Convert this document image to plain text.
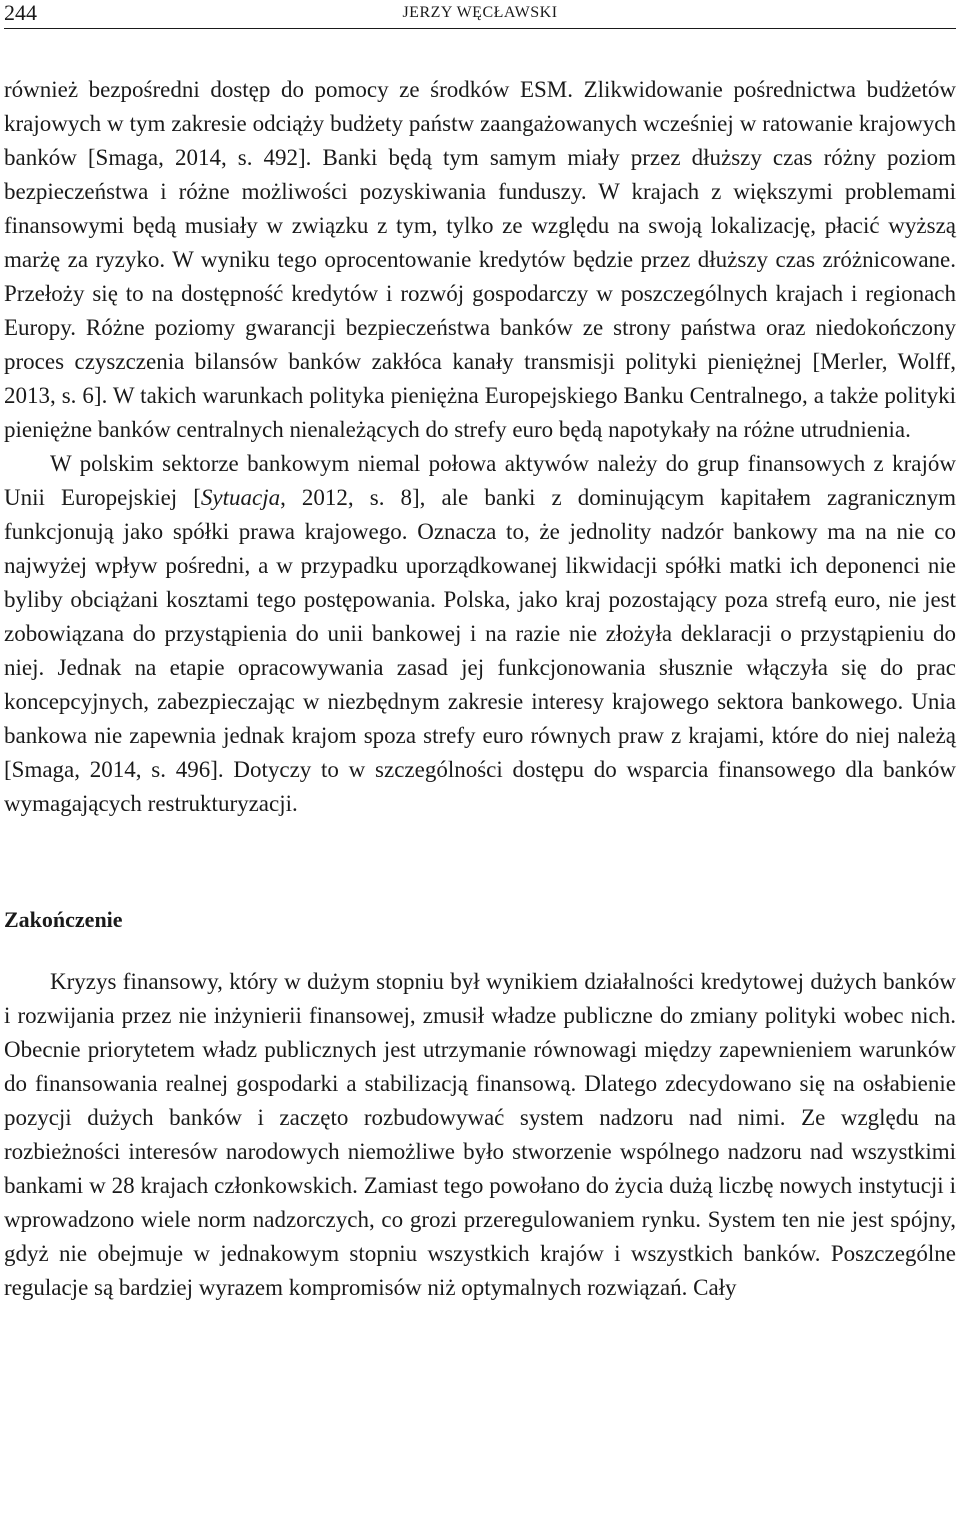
244	JERZY WĘCŁAWSKI

również bezpośredni dostęp do pomocy ze środków ESM. Zlikwidowanie pośrednictwa budżetów krajowych w tym zakresie odciąży budżety państw zaangażowanych wcześniej w ratowanie krajowych banków [Smaga, 2014, s. 492]. Banki będą tym samym miały przez dłuższy czas różny poziom bezpieczeństwa i różne możliwości pozyskiwania funduszy. W krajach z większymi problemami finansowymi będą musiały w związku z tym, tylko ze względu na swoją lokalizację, płacić wyższą marżę za ryzyko. W wyniku tego oprocentowanie kredytów będzie przez dłuższy czas zróżnicowane. Przełoży się to na dostępność kredytów i rozwój gospodarczy w poszczególnych krajach i regionach Europy. Różne poziomy gwarancji bezpieczeństwa banków ze strony państwa oraz niedokończony proces czyszczenia bilansów banków zakłóca kanały transmisji polityki pieniężnej [Merler, Wolff, 2013, s. 6]. W takich warunkach polityka pieniężna Europejskiego Banku Centralnego, a także polityki pieniężne banków centralnych nienależących do strefy euro będą napotykały na różne utrudnienia.

W polskim sektorze bankowym niemal połowa aktywów należy do grup finansowych z krajów Unii Europejskiej [Sytuacja, 2012, s. 8], ale banki z dominującym kapitałem zagranicznym funkcjonują jako spółki prawa krajowego. Oznacza to, że jednolity nadzór bankowy ma na nie co najwyżej wpływ pośredni, a w przypadku uporządkowanej likwidacji spółki matki ich deponenci nie byliby obciążani kosztami tego postępowania. Polska, jako kraj pozostający poza strefą euro, nie jest zobowiązana do przystąpienia do unii bankowej i na razie nie złożyła deklaracji o przystąpieniu do niej. Jednak na etapie opracowywania zasad jej funkcjonowania słusznie włączyła się do prac koncepcyjnych, zabezpieczając w niezbędnym zakresie interesy krajowego sektora bankowego. Unia bankowa nie zapewnia jednak krajom spoza strefy euro równych praw z krajami, które do niej należą [Smaga, 2014, s. 496]. Dotyczy to w szczególności dostępu do wsparcia finansowego dla banków wymagających restrukturyzacji.

Zakończenie

Kryzys finansowy, który w dużym stopniu był wynikiem działalności kredytowej dużych banków i rozwijania przez nie inżynierii finansowej, zmusił władze publiczne do zmiany polityki wobec nich. Obecnie priorytetem władz publicznych jest utrzymanie równowagi między zapewnieniem warunków do finansowania realnej gospodarki a stabilizacją finansową. Dlatego zdecydowano się na osłabienie pozycji dużych banków i zaczęto rozbudowywać system nadzoru nad nimi. Ze względu na rozbieżności interesów narodowych niemożliwe było stworzenie wspólnego nadzoru nad wszystkimi bankami w 28 krajach członkowskich. Zamiast tego powołano do życia dużą liczbę nowych instytucji i wprowadzono wiele norm nadzorczych, co grozi przeregulowaniem rynku. System ten nie jest spójny, gdyż nie obejmuje w jednakowym stopniu wszystkich krajów i wszystkich banków. Poszczególne regulacje są bardziej wyrazem kompromisów niż optymalnych rozwiązań. Cały
